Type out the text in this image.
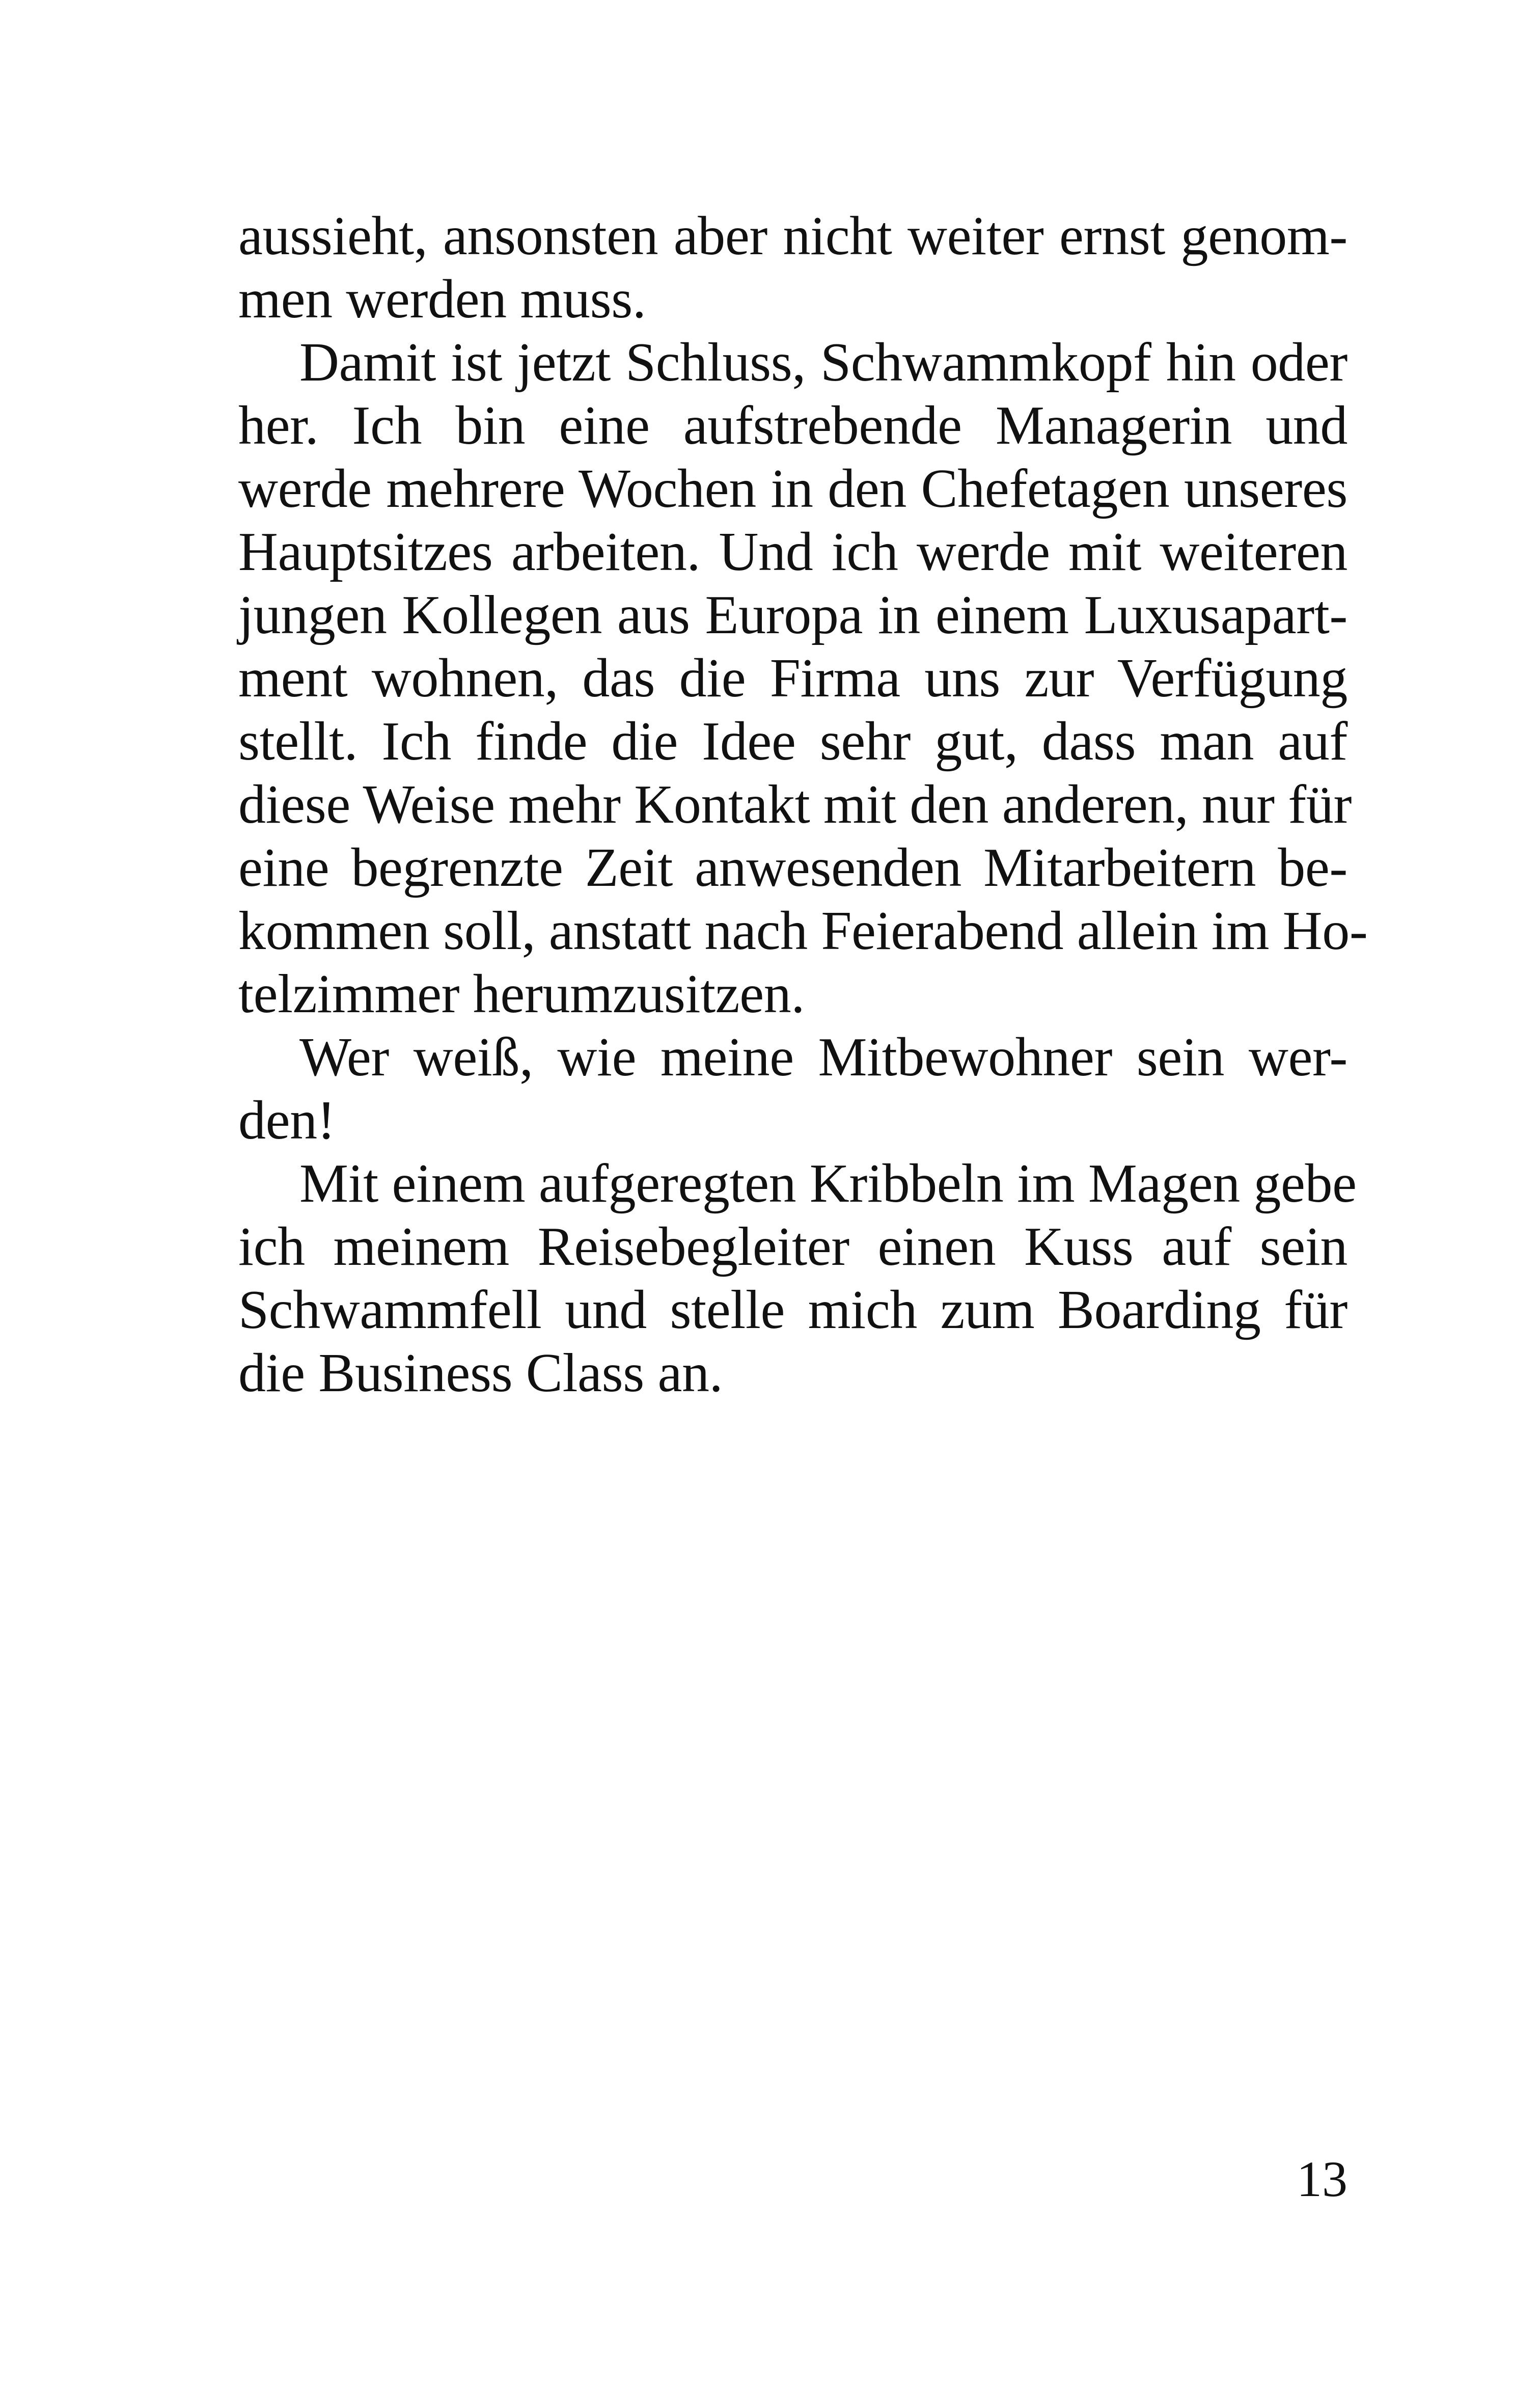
aussieht, ansonsten aber nicht weiter ernst genom-
men werden muss.
Damit ist jetzt Schluss, Schwammkopf hin oder
her. Ich bin eine aufstrebende Managerin und
werde mehrere Wochen in den Chefetagen unseres
Hauptsitzes arbeiten. Und ich werde mit weiteren
jungen Kollegen aus Europa in einem Luxusapart-
ment wohnen, das die Firma uns zur Verfügung
stellt. Ich finde die Idee sehr gut, dass man auf
diese Weise mehr Kontakt mit den anderen, nur für
eine begrenzte Zeit anwesenden Mitarbeitern be-
kommen soll, anstatt nach Feierabend allein im Ho-
telzimmer herumzusitzen.
Wer weiß, wie meine Mitbewohner sein wer-
den!
Mit einem aufgeregten Kribbeln im Magen gebe
ich meinem Reisebegleiter einen Kuss auf sein
Schwammfell und stelle mich zum Boarding für
die Business Class an.
13
